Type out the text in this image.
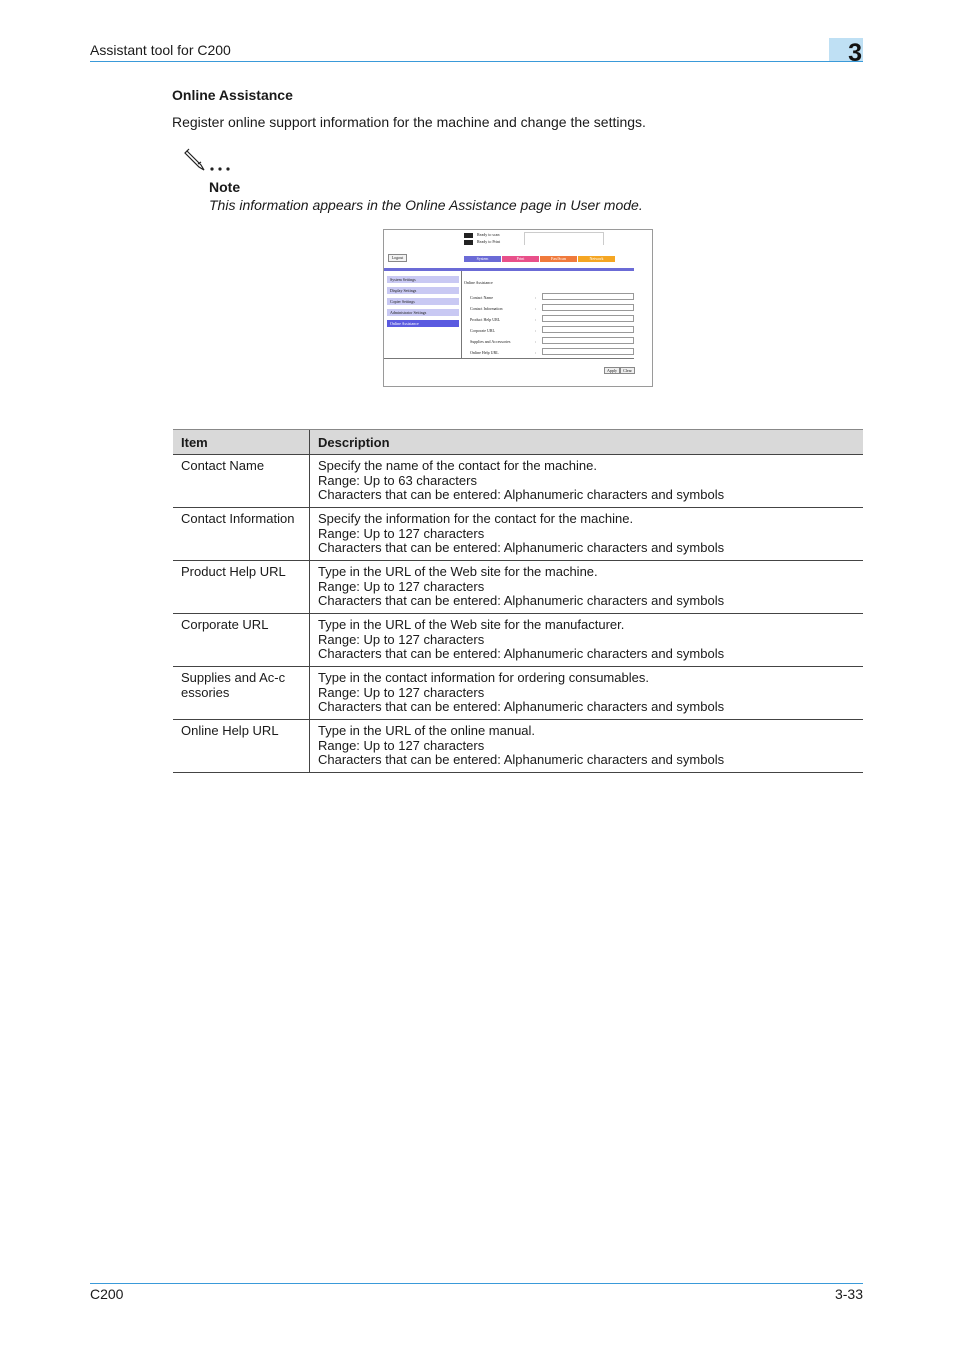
Assistant tool for C200	3
Online Assistance
Register online support information for the machine and change the settings.
Note
This information appears in the Online Assistance page in User mode.
Ready to scan
Ready to Print
Logout	System	Print	Fax/Scan	Network
System Settings
Display Settings
Copier Settings
Administrator Settings
Online Assistance
Online Assistance
Contact Name	:
Contact Information	:
Product Help URL	:
Corporate URL	:
Supplies and Accessories	:
Online Help URL	:
Apply	Clear
Item	Description
Contact Name	Specify the name of the contact for the machine.
Range: Up to 63 characters
Characters that can be entered: Alphanumeric characters and symbols

Contact Information	Specify the information for the contact for the machine.
Range: Up to 127 characters
Characters that can be entered: Alphanumeric characters and symbols

Product Help URL	Type in the URL of the Web site for the machine.
Range: Up to 127 characters
Characters that can be entered: Alphanumeric characters and symbols

Corporate URL	Type in the URL of the Web site for the manufacturer.
Range: Up to 127 characters
Characters that can be entered: Alphanumeric characters and symbols

Supplies and Ac-cessories	Type in the contact information for ordering consumables.
Range: Up to 127 characters
Characters that can be entered: Alphanumeric characters and symbols

Online Help URL	Type in the URL of the online manual.
Range: Up to 127 characters
Characters that can be entered: Alphanumeric characters and symbols
C200	3-33
